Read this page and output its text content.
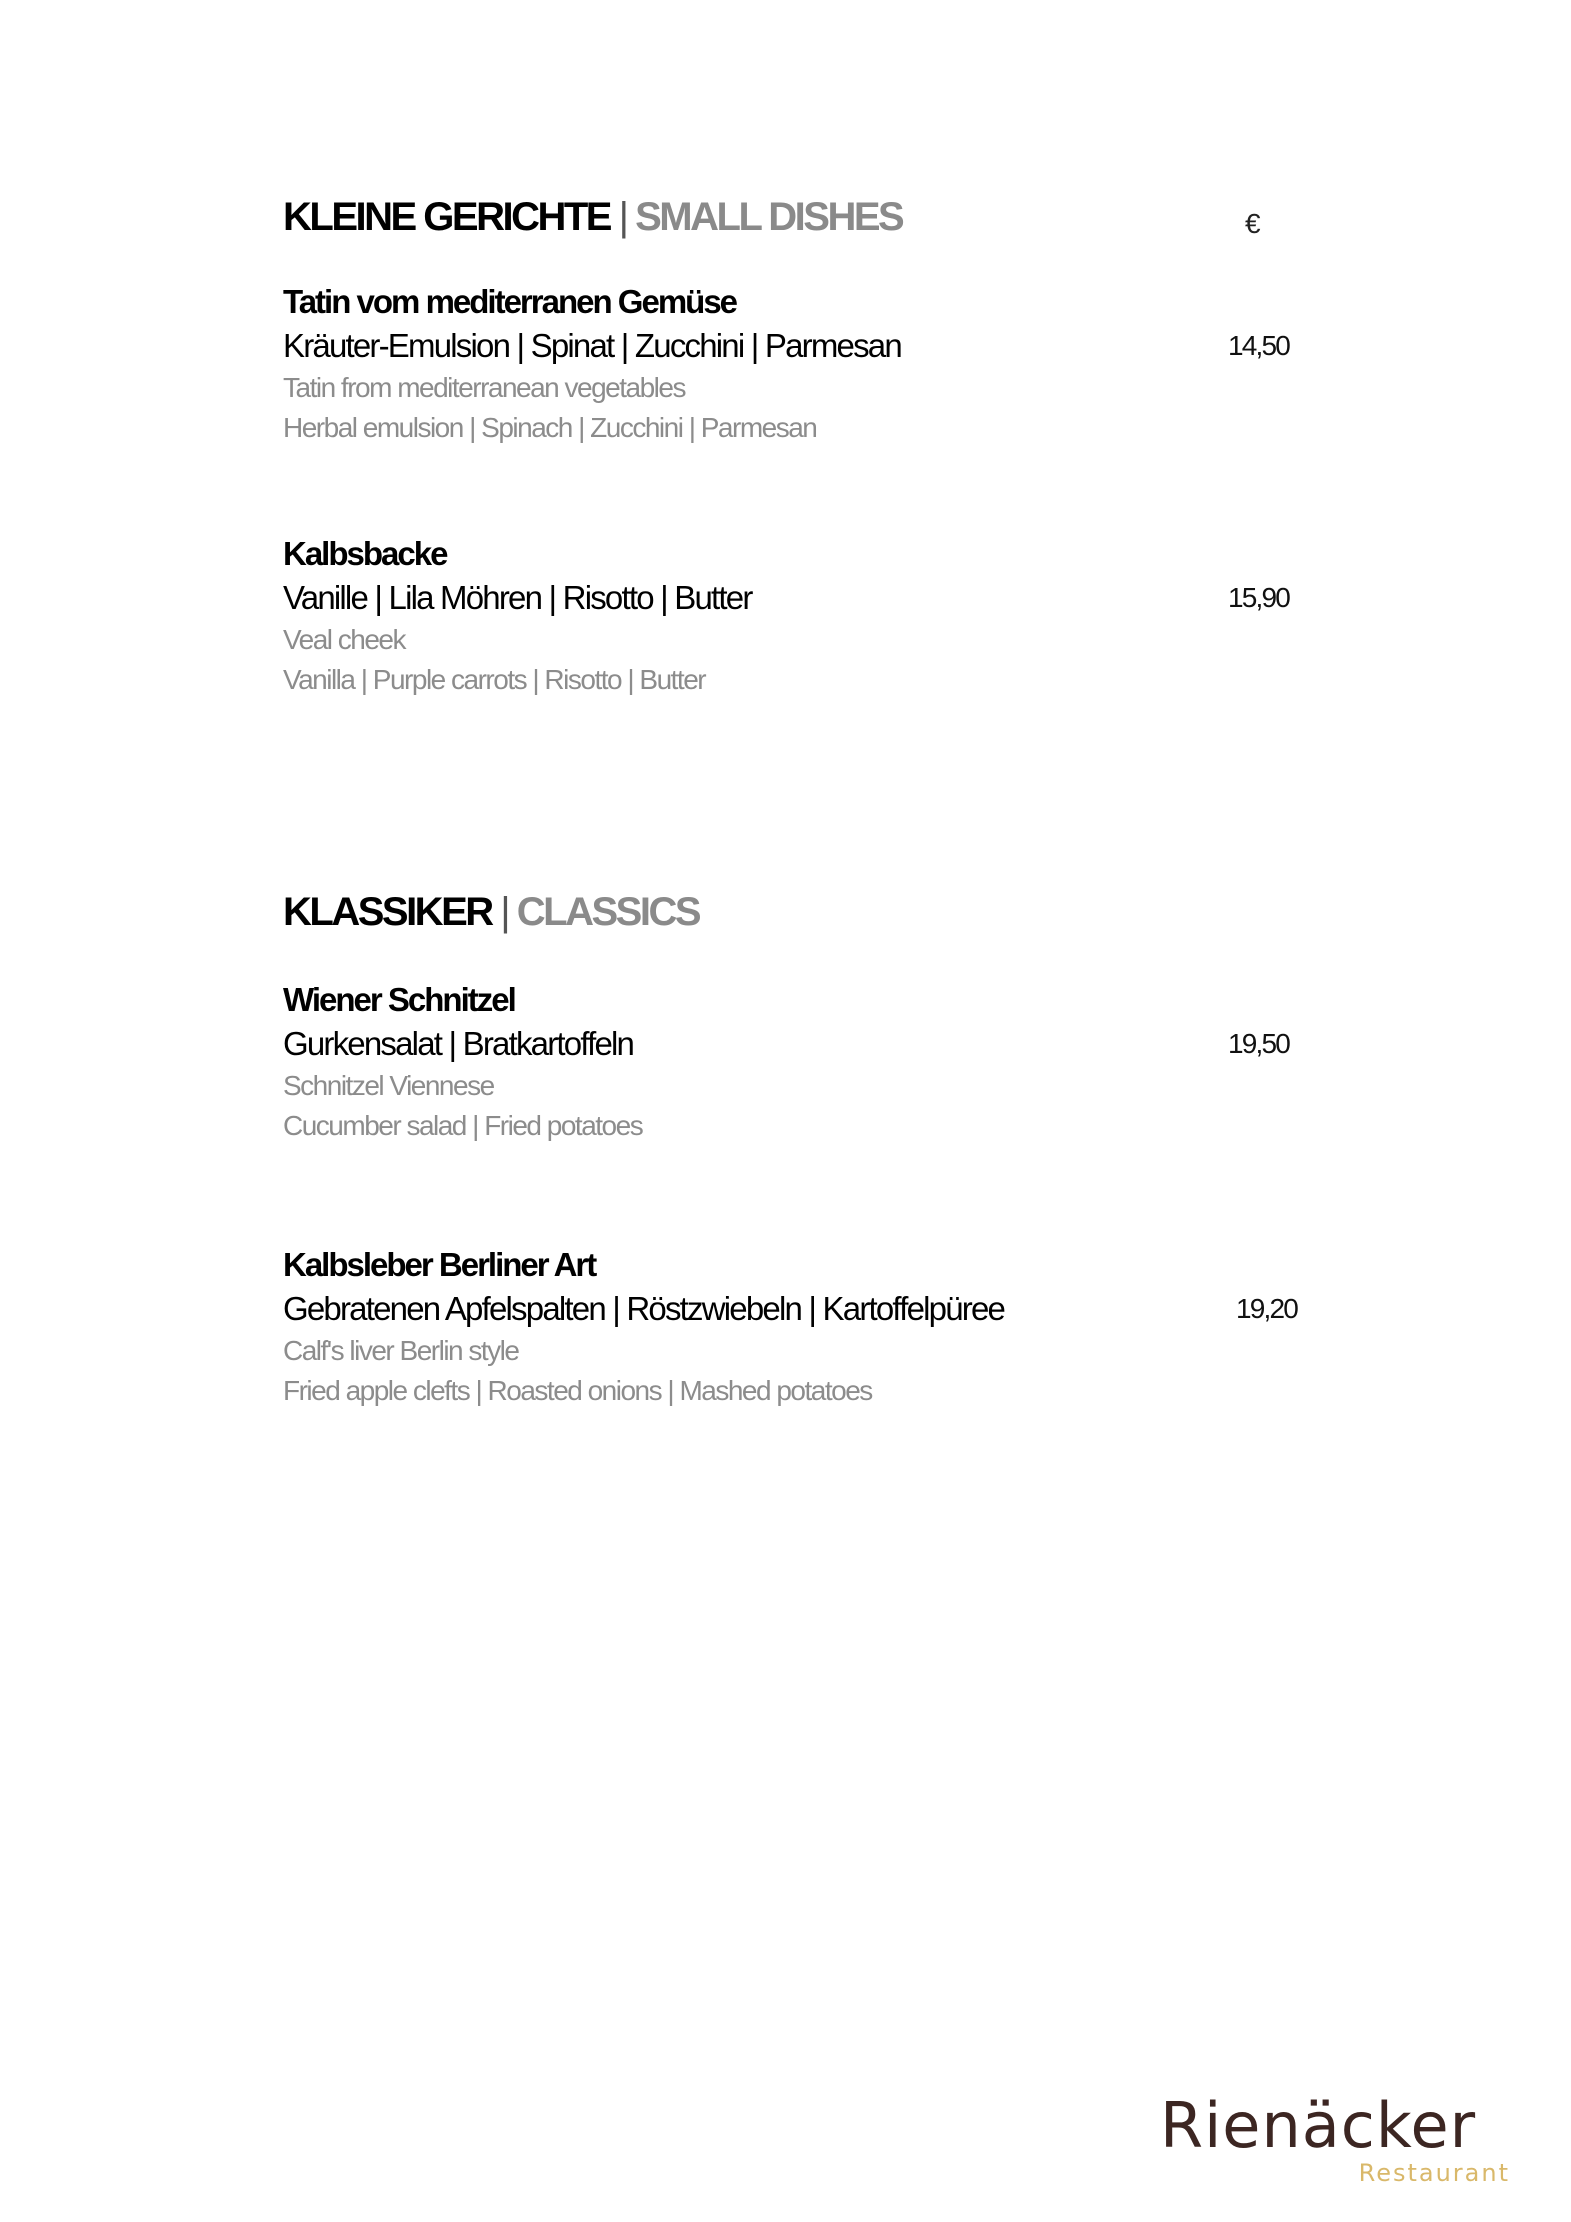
KLEINE GERICHTE | SMALL DISHES	€
Tatin vom mediterranen Gemüse
Kräuter-Emulsion | Spinat | Zucchini | Parmesan
Tatin from mediterranean vegetables
Herbal emulsion | Spinach | Zucchini | Parmesan
14,50
Kalbsbacke
Vanille | Lila Möhren | Risotto | Butter
Veal cheek
Vanilla | Purple carrots | Risotto | Butter
15,90
KLASSIKER | CLASSICS
Wiener Schnitzel
Gurkensalat | Bratkartoffeln
Schnitzel Viennese
Cucumber salad | Fried potatoes
19,50
Kalbsleber Berliner Art
Gebratenen Apfelspalten | Röstzwiebeln | Kartoffelpüree
Calf's liver Berlin style
Fried apple clefts | Roasted onions | Mashed potatoes
19,20
Rienäcker
Restaurant
